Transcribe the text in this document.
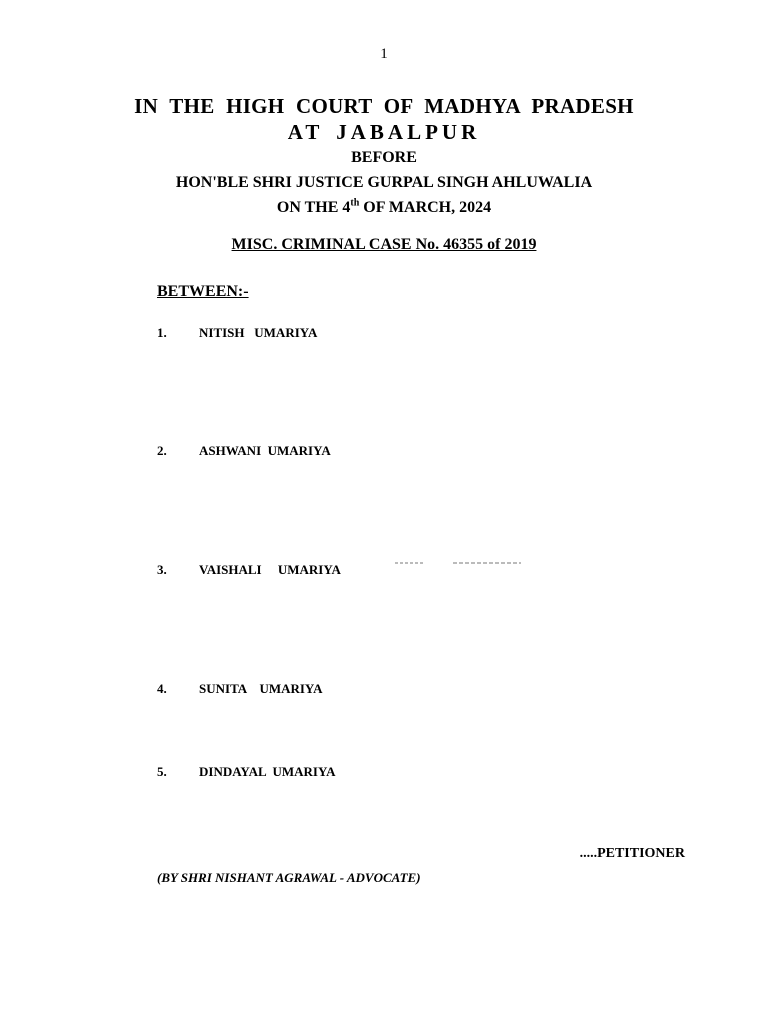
1
IN THE HIGH COURT OF MADHYA PRADESH
AT JABALPUR
BEFORE
HON'BLE SHRI JUSTICE GURPAL SINGH AHLUWALIA
ON THE 4th OF MARCH, 2024
MISC. CRIMINAL CASE No. 46355 of 2019
BETWEEN:-
1. NITISH   UMARIYA
2. ASHWANI  UMARIYA
3. VAISHALI     UMARIYA
4. SUNITA    UMARIYA
5. DINDAYAL  UMARIYA
.....PETITIONER
(BY SHRI NISHANT AGRAWAL - ADVOCATE)
